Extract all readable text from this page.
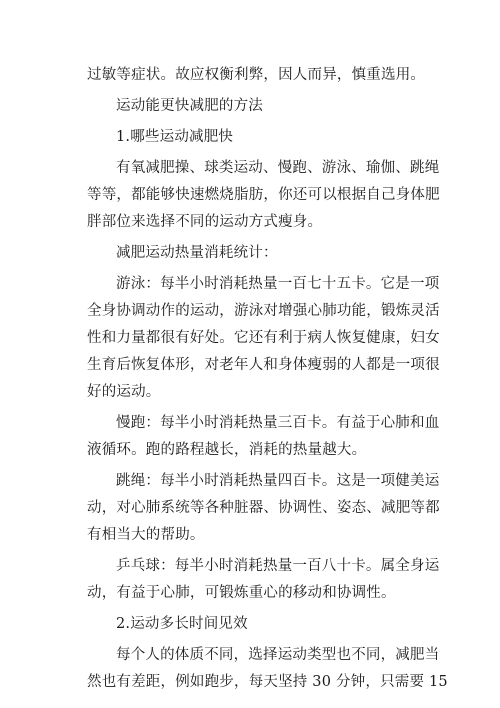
过敏等症状。故应权衡利弊，因人而异，慎重选用。
运动能更快减肥的方法
1.哪些运动减肥快
有氧减肥操、球类运动、慢跑、游泳、瑜伽、跳绳
等等，都能够快速燃烧脂肪，你还可以根据自己身体肥
胖部位来选择不同的运动方式瘦身。
减肥运动热量消耗统计：
游泳：每半小时消耗热量一百七十五卡。它是一项
全身协调动作的运动，游泳对增强心肺功能，锻炼灵活
性和力量都很有好处。它还有利于病人恢复健康，妇女
生育后恢复体形，对老年人和身体瘦弱的人都是一项很
好的运动。
慢跑：每半小时消耗热量三百卡。有益于心肺和血
液循环。跑的路程越长，消耗的热量越大。
跳绳：每半小时消耗热量四百卡。这是一项健美运
动，对心肺系统等各种脏器、协调性、姿态、减肥等都
有相当大的帮助。
乒乓球：每半小时消耗热量一百八十卡。属全身运
动，有益于心肺，可锻炼重心的移动和协调性。
2.运动多长时间见效
每个人的体质不同，选择运动类型也不同，减肥当
然也有差距，例如跑步，每天坚持 30 分钟，只需要 15
